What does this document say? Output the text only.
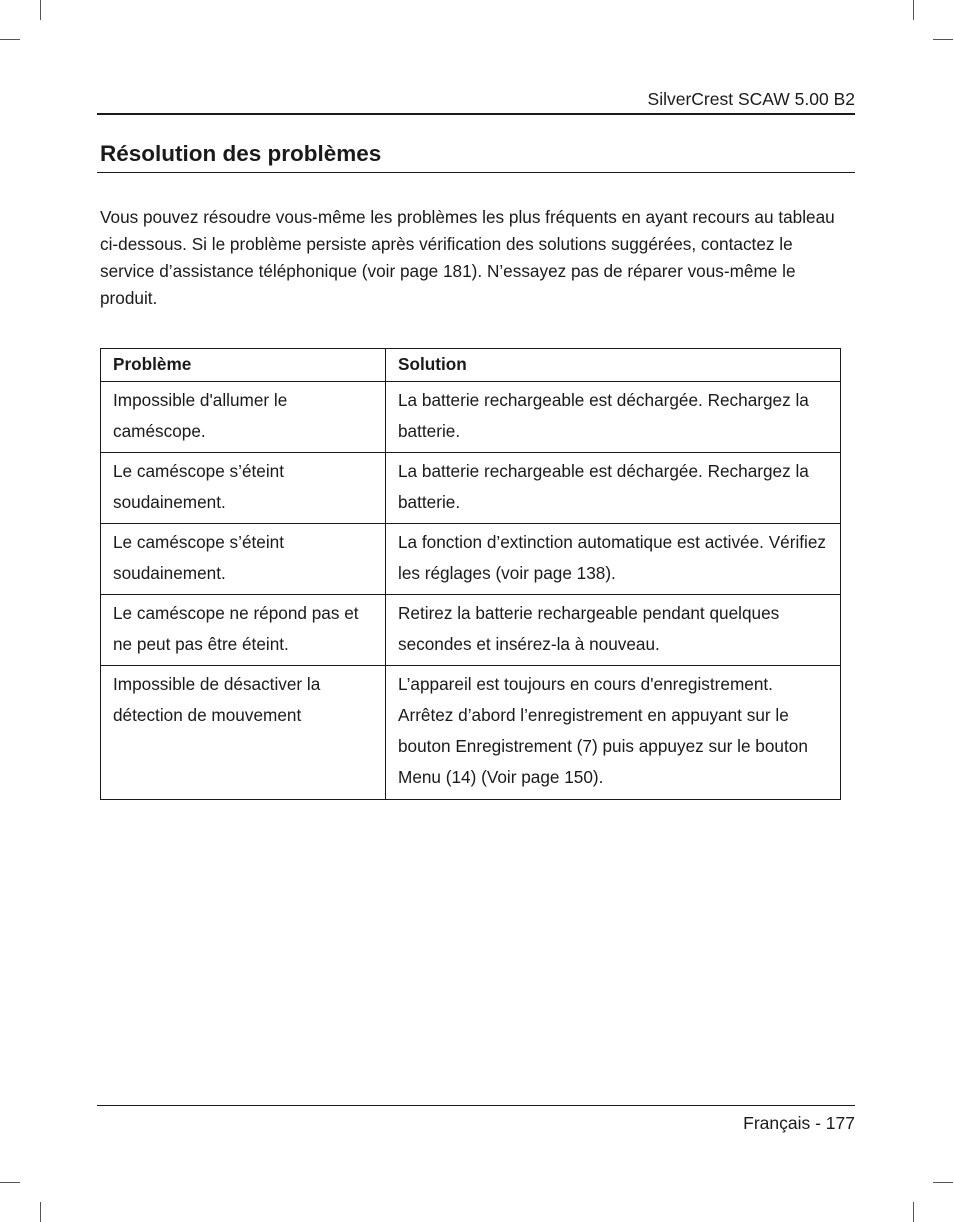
SilverCrest SCAW 5.00 B2
Résolution des problèmes

Vous pouvez résoudre vous-même les problèmes les plus fréquents en ayant recours au tableau ci-dessous. Si le problème persiste après vérification des solutions suggérées, contactez le service d’assistance téléphonique (voir page 181). N’essayez pas de réparer vous-même le produit.

Problème	Solution
Impossible d'allumer le caméscope.	La batterie rechargeable est déchargée. Rechargez la batterie.
Le caméscope s’éteint soudainement.	La batterie rechargeable est déchargée. Rechargez la batterie.
Le caméscope s’éteint soudainement.	La fonction d’extinction automatique est activée. Vérifiez les réglages (voir page 138).
Le caméscope ne répond pas et ne peut pas être éteint.	Retirez la batterie rechargeable pendant quelques secondes et insérez-la à nouveau.
Impossible de désactiver la détection de mouvement	L’appareil est toujours en cours d'enregistrement. Arrêtez d’abord l’enregistrement en appuyant sur le bouton Enregistrement (7) puis appuyez sur le bouton Menu (14) (Voir page 150).
Français - 177
